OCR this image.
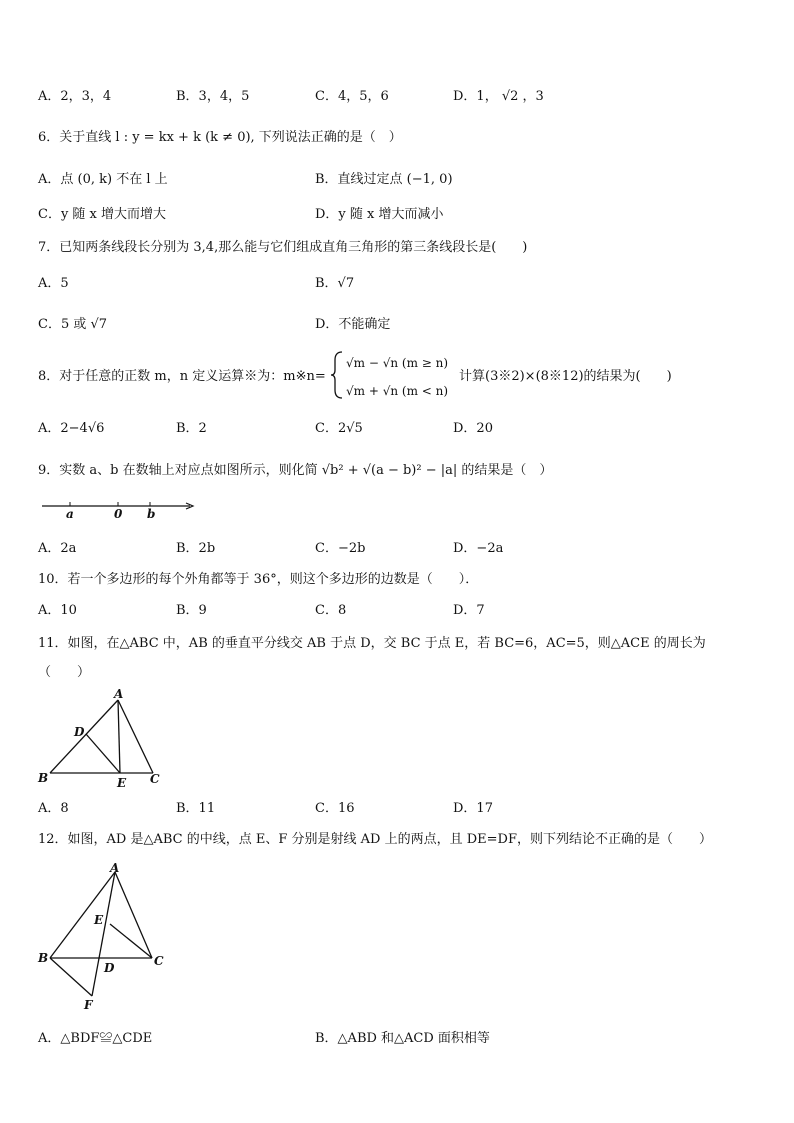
A．2，3，4	B．3，4，5	C．4，5，6	D．1， √2 ，3
6．关于直线 l : y = kx + k (k ≠ 0), 下列说法正确的是（　）
A．点 (0, k) 不在 l 上	B．直线过定点 (−1, 0)
C．y 随 x 增大而增大	D．y 随 x 增大而减小
7．已知两条线段长分别为 3,4,那么能与它们组成直角三角形的第三条线段长是(　　)
A．5	B．√7
C．5 或 √7	D．不能确定
8．对于任意的正数 m，n 定义运算※为：m※n=
√m − √n (m ≥ n)
√m + √n (m < n)
计算(3※2)×(8※12)的结果为(　　)
A．2−4√6	B．2	C．2√5	D．20
9．实数 a、b 在数轴上对应点如图所示，则化简 √b² + √(a − b)² − |a| 的结果是（　）
a	0 b
A．2a	B．2b	C．−2b	D．−2a
10．若一个多边形的每个外角都等于 36°，则这个多边形的边数是（　　）．
A．10	B．9	C．8	D．7
11．如图，在△ABC 中，AB 的垂直平分线交 AB 于点 D，交 BC 于点 E，若 BC=6，AC=5，则△ACE 的周长为
（　　）
A
B	C
D
E
A．8	B．11	C．16	D．17
12．如图，AD 是△ABC 的中线，点 E、F 分别是射线 AD 上的两点，且 DE=DF，则下列结论不正确的是（　　）
A
B	C
D
E
F
A．△BDF≌△CDE	B．△ABD 和△ACD 面积相等
